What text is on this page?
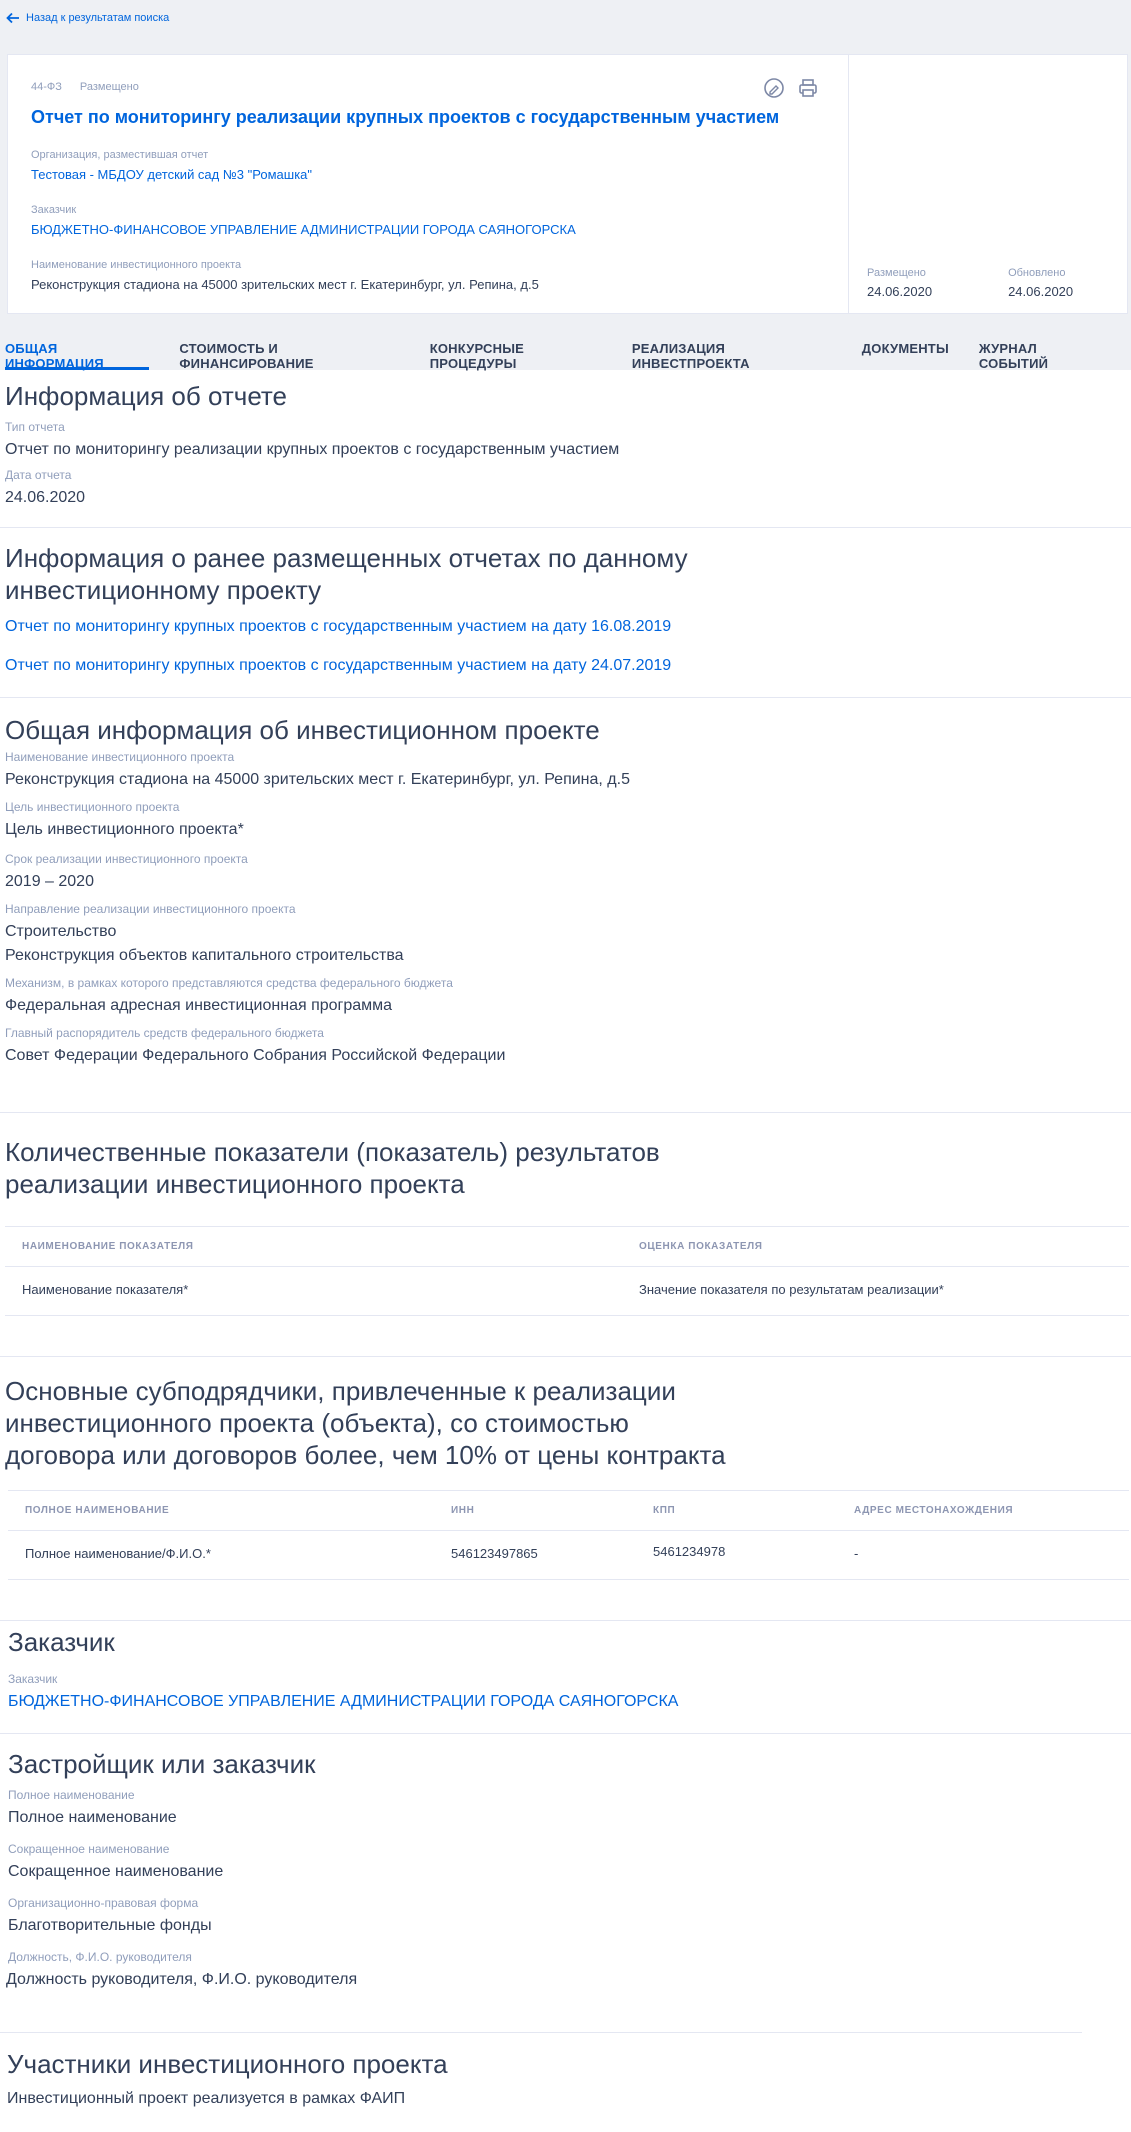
Назад к результатам поиска
44-ФЗ Размещено
Отчет по мониторингу реализации крупных проектов с государственным участием
Организация, разместившая отчет
Тестовая - МБДОУ детский сад №3 "Ромашка"
Заказчик
БЮДЖЕТНО-ФИНАНСОВОЕ УПРАВЛЕНИЕ АДМИНИСТРАЦИИ ГОРОДА САЯНОГОРСКА
Наименование инвестиционного проекта
Реконструкция стадиона на 45000 зрительских мест г. Екатеринбург, ул. Репина, д.5
Размещено
24.06.2020
Обновлено
24.06.2020
ОБЩАЯ ИНФОРМАЦИЯ
СТОИМОСТЬ И ФИНАНСИРОВАНИЕ
КОНКУРСНЫЕ ПРОЦЕДУРЫ
РЕАЛИЗАЦИЯ ИНВЕСТПРОЕКТА
ДОКУМЕНТЫ ЖУРНАЛ СОБЫТИЙ
Информация об отчете
Тип отчета
Отчет по мониторингу реализации крупных проектов с государственным участием
Дата отчета
24.06.2020
Информация о ранее размещенных отчетах по данному
инвестиционному проекту
Отчет по мониторингу крупных проектов с государственным участием на дату 16.08.2019
Отчет по мониторингу крупных проектов с государственным участием на дату 24.07.2019
Общая информация об инвестиционном проекте
Наименование инвестиционного проекта
Реконструкция стадиона на 45000 зрительских мест г. Екатеринбург, ул. Репина, д.5
Цель инвестиционного проекта
Цель инвестиционного проекта*
Срок реализации инвестиционного проекта
2019 – 2020
Направление реализации инвестиционного проекта
Строительство
Реконструкция объектов капитального строительства
Механизм, в рамках которого представляются средства федерального бюджета
Федеральная адресная инвестиционная программа
Главный распорядитель средств федерального бюджета
Совет Федерации Федерального Собрания Российской Федерации
Количественные показатели (показатель) результатов
реализации инвестиционного проекта
НАИМЕНОВАНИЕ ПОКАЗАТЕЛЯ	ОЦЕНКА ПОКАЗАТЕЛЯ
Наименование показателя*	Значение показателя по результатам реализации*
Основные субподрядчики, привлеченные к реализации
инвестиционного проекта (объекта), со стоимостью
договора или договоров более, чем 10% от цены контракта
ПОЛНОЕ НАИМЕНОВАНИЕ	ИНН	КПП	АДРЕС МЕСТОНАХОЖДЕНИЯ
Полное наименование/Ф.И.О.*	546123497865	5461234978	-
Заказчик
Заказчик
БЮДЖЕТНО-ФИНАНСОВОЕ УПРАВЛЕНИЕ АДМИНИСТРАЦИИ ГОРОДА САЯНОГОРСКА
Застройщик или заказчик
Полное наименование
Полное наименование
Сокращенное наименование
Сокращенное наименование
Организационно-правовая форма
Благотворительные фонды
Должность, Ф.И.О. руководителя
Должность руководителя, Ф.И.О. руководителя
Участники инвестиционного проекта
Инвестиционный проект реализуется в рамках ФАИП
